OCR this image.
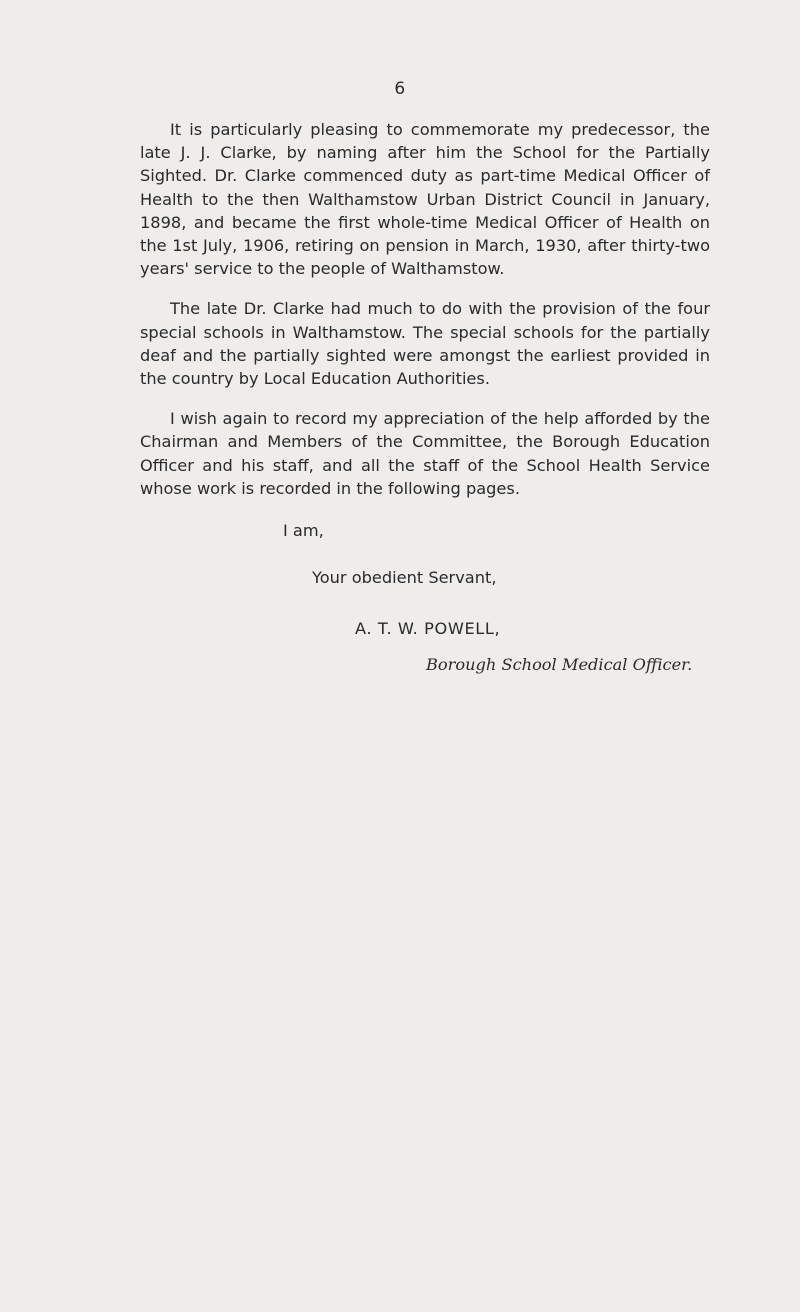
6

It is particularly pleasing to commemorate my predecessor, the late J. J. Clarke, by naming after him the School for the Partially Sighted. Dr. Clarke commenced duty as part-time Medical Officer of Health to the then Walthamstow Urban District Council in January, 1898, and became the first whole-time Medical Officer of Health on the 1st July, 1906, retiring on pension in March, 1930, after thirty-two years' service to the people of Walthamstow.

The late Dr. Clarke had much to do with the provision of the four special schools in Walthamstow. The special schools for the partially deaf and the partially sighted were amongst the earliest provided in the country by Local Education Authorities.

I wish again to record my appreciation of the help afforded by the Chairman and Members of the Committee, the Borough Education Officer and his staff, and all the staff of the School Health Service whose work is recorded in the following pages.

I am,
Your obedient Servant,
A. T. W. POWELL,
Borough School Medical Officer.
